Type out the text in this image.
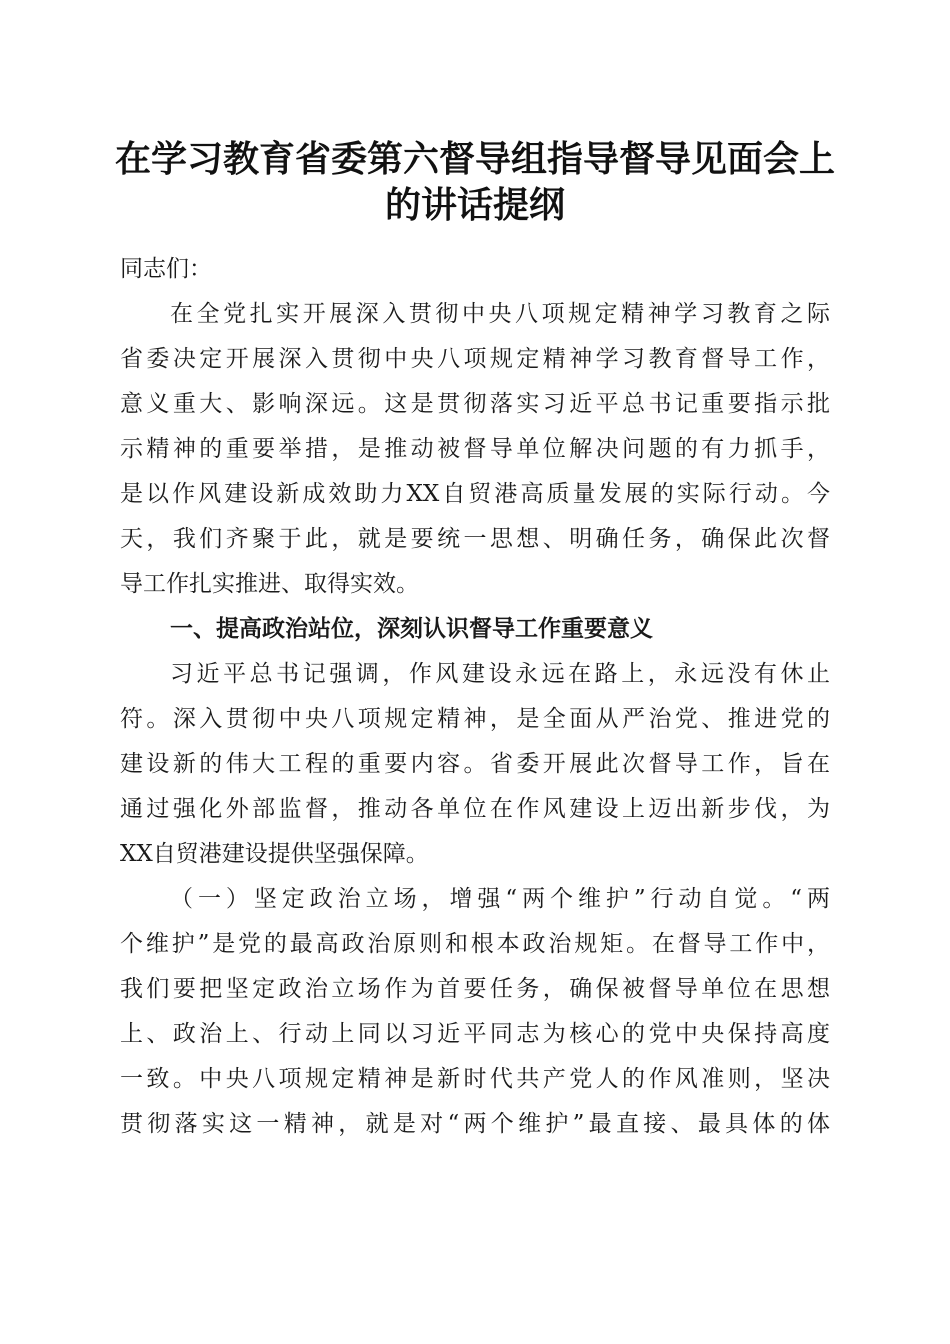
在学习教育省委第六督导组指导督导见面会上
的讲话提纲
同志们：
在全党扎实开展深入贯彻中央八项规定精神学习教育之际
省委决定开展深入贯彻中央八项规定精神学习教育督导工作，
意义重大、影响深远。这是贯彻落实习近平总书记重要指示批
示精神的重要举措，是推动被督导单位解决问题的有力抓手，
是以作风建设新成效助力XX自贸港高质量发展的实际行动。今
天，我们齐聚于此，就是要统一思想、明确任务，确保此次督
导工作扎实推进、取得实效。
一、提高政治站位，深刻认识督导工作重要意义
习近平总书记强调，作风建设永远在路上，永远没有休止
符。深入贯彻中央八项规定精神，是全面从严治党、推进党的
建设新的伟大工程的重要内容。省委开展此次督导工作，旨在
通过强化外部监督，推动各单位在作风建设上迈出新步伐，为
XX自贸港建设提供坚强保障。
（一）坚定政治立场，增强“两个维护”行动自觉。“两
个维护”是党的最高政治原则和根本政治规矩。在督导工作中，
我们要把坚定政治立场作为首要任务，确保被督导单位在思想
上、政治上、行动上同以习近平同志为核心的党中央保持高度
一致。中央八项规定精神是新时代共产党人的作风准则，坚决
贯彻落实这一精神，就是对“两个维护”最直接、最具体的体
